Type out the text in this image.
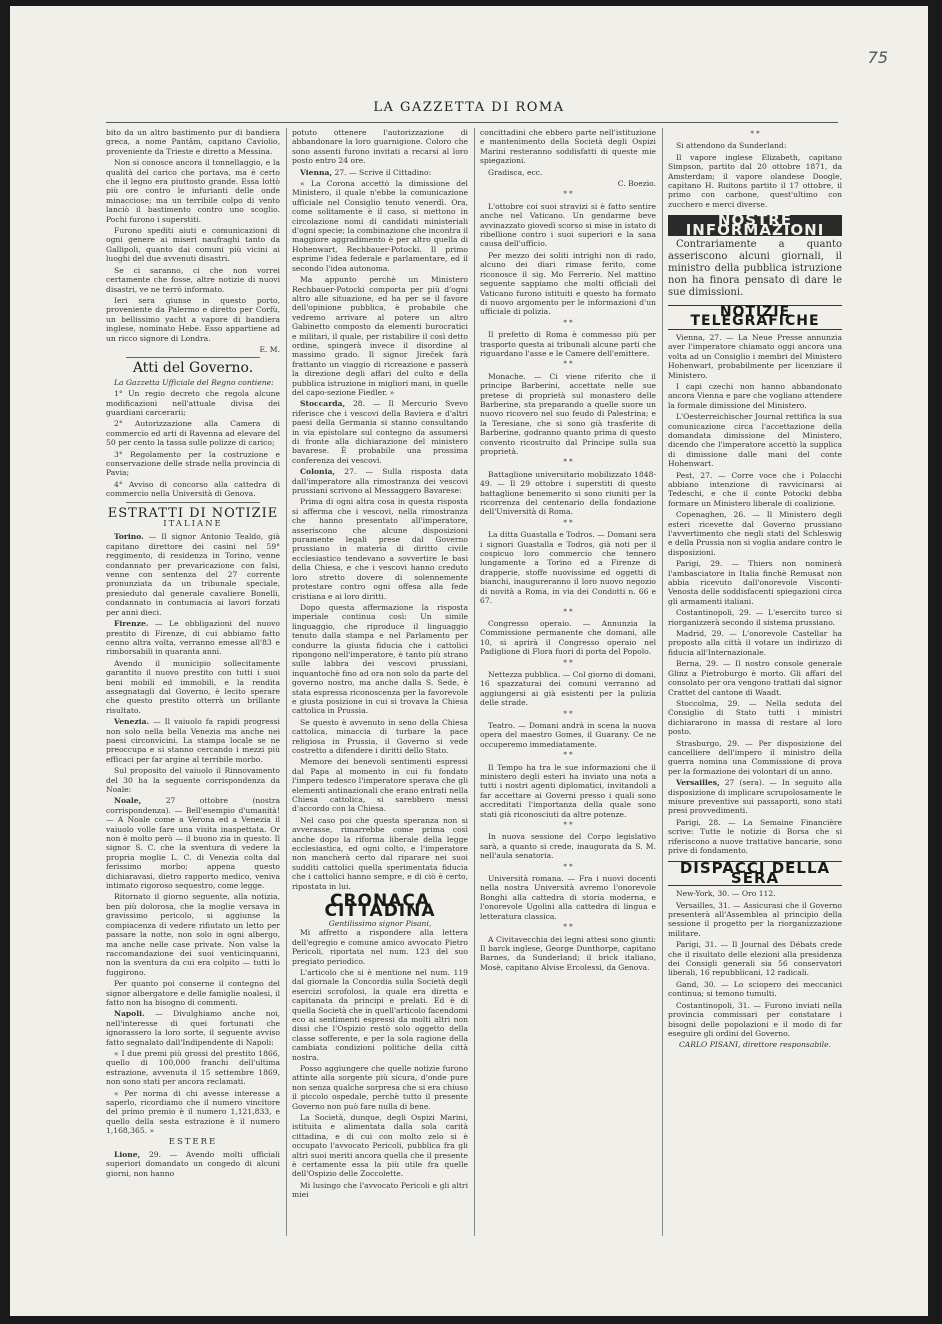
75
LA GAZZETTA DI ROMA

bito da un altro bastimento pur di bandiera greca, a nome Pantâm, capitano Caviolio, proveniente da Trieste e diretto a Messina.

Non si conosce ancora il tonnellaggio, e la qualità del carico che portava, ma è certo che il legno era piuttosto grande. Essa lottò più ore contro le infurianti delle onde minacciose; ma un terribile colpo di vento lanciò il bastimento contro uno scoglio. Pochi furono i superstiti.

Furono spediti aiuti e comunicazioni di ogni genere ai miseri naufraghi tanto da Gallipoli, quanto dai comuni più vicini ai luoghi del due avvenuti disastri.

Se ci saranno, ci che non vorrei certamente che fosse, altre notizie di nuovi disastri, ve ne terrò informato.

Ieri sera giunse in questo porto, proveniente da Palermo e diretto per Corfù, un bellissimo yacht a vapore di bandiera inglese, nominato Hebe. Esso appartiene ad un ricco signore di Londra.

E. M.
Atti del Governo.

La Gazzetta Ufficiale del Regno contiene:

1° Un regio decreto che regola alcune modificazioni nell'attuale divisa dei guardiani carcerarii;

2° Autorizzazione alla Camera di commercio ed arti di Ravenna ad elevare del 50 per cento la tassa sulle polizze di carico;

3° Regolamento per la costruzione e conservazione delle strade nella provincia di Pavia;

4° Avviso di concorso alla cattedra di commercio nella Università di Genova.

ESTRATTI DI NOTIZIE
ITALIANE

Torino. — Il signor Antonio Tealdo, già capitano direttore dei casini nel 59° reggimento, di residenza in Torino, venne condannato per prevaricazione con falsi, venne con sentenza del 27 corrente pronunziata da un tribunale speciale, presieduto dal generale cavaliere Bonelli, condannato in contumacia ai lavori forzati per anni dieci.

Firenze. — Le obbligazioni del nuovo prestito di Firenze, di cui abbiamo fatto cenno altra volta, verranno emesse all'83 e rimborsabili in quaranta anni.

Avendo il municipio sollecitamente garantito il nuovo prestito con tutti i suoi beni mobili ed immobili, e la rendita assegnatagli dal Governo, è lecito sperare che questo prestito otterrà un brillante risultato.

Venezia. — Il vaiuolo fa rapidi progressi non solo nella bella Venezia ma anche nei paesi circonvicini. La stampa locale se ne preoccupa e si stanno cercando i mezzi più efficaci per far argine al terribile morbo.

Sul proposito del vaiuolo il Rinnovamento del 30 ha la seguente corrispondenza da Noale:

Noale,	27 ottobre (nostra corrispondenza). — Bell'esempio d'umanità! — A Noale come a Verona ed a Venezia il vaiuolo volle fare una visita inaspettata. Or non è molto però — il buono zia in questo. Il signor S. C. che la sventura di vedere la propria moglie L. C. di Venezia colta dal ferissimo morbo; appena questo dichiaravasi, dietro rapporto medico, veniva intimato rigoroso sequestro, come legge.

Ritornato il giorno seguente, alla notizia, ben più dolorosa, che la moglie versava in gravissimo pericolo, si aggiunse la compiacenza di vedere rifiutato un letto per passare la notte, non solo in ogni albergo, ma anche nelle case private. Non valse la raccomandazione dei suoi venticinquanni, non la sventura da cui era colpito — tutti lo fuggirono.

Per quanto poi conserne il contegno del signor albergatore e delle famiglie noalesi, il fatto non ha bisogno di commenti.

Napoli. — Divulghiamo anche noi, nell'interesse di quei fortunati che ignorassero la loro sorte, il seguente avviso fatto segnalato dall'Indipendente di Napoli:

« I due premi più grossi del prestito 1866, quello di 100,000 franchi dell'ultima estrazione, avvenuta il 15 settembre 1869, non sono stati per ancora reclamati.

« Per norma di chi avesse interesse a saperlo, ricordiamo che il numero vincitore del primo premio è il numero 1,121,833, e quello della sesta estrazione è il numero 1,168,365. »

ESTERE

Lione, 29. — Avendo molti ufficiali superiori domandato un congedo di alcuni giorni, non hanno

potuto ottenere l'autorizzazione di abbandonare la loro guarnigione. Coloro che sono assenti furono invitati a recarsi al loro posto entro 24 ore.

Vienna, 27. — Scrive il Cittadino:

« La Corona accettò la dimissione del Ministero, il quale n'ebbe la comunicazione ufficiale nel Consiglio tenuto venerdì. Ora, come solitamente è il caso, si mettono in circolazione nomi di candidati ministeriali d'ogni specie; la combinazione che incontra il maggiore aggradimento è per altro quella di Hohenwart, Rechbauer-Potocki. Il primo esprime l'idea federale e parlamentare, ed il secondo l'idea autonoma.

Ma appunto perchè un Ministero Rechbauer-Potocki comporta per più d'ogni altro alle situazione, ed ha per se il favore dell'opinione pubblica, è probabile che vedremo arrivare al potere un altro Gabinetto composto da elementi burocratici e militari, il quale, per ristabilire il così detto ordine, spingerà invece il disordine al massimo grado. Il signor Jireček farà frattanto un viaggio di ricreazione e passerà la direzione degli affari del culto e della pubblica istruzione in migliori mani, in quelle del capo-sezione Fiedler. »

Stoccarda, 28. — Il Mercurio Svevo riferisce che i vescovi della Baviera e d'altri paesi della Germania si stanno consultando in via epistolare sul contegno da assumersi di fronte alla dichiarazione del ministero bavarese. È probabile una prossima conferenza dei vescovi.

Colonia, 27. — Sulla risposta data dall'imperatore alla rimostranza dei vescovi prussiani scrivono al Messaggero Bavarese:

Prima di ogni altra cosa in questa risposta si afferma che i vescovi, nella rimostranza che hanno presentato all'imperatore, asseriscono che alcune disposizioni puramente legali prese dal Governo prussiano in materia di diritto civile ecclesiastico tendevano a sovvertire le basi della Chiesa, e che i vescovi hanno creduto loro stretto dovere di solennemente protestare contro ogni offesa alla fede cristiana e ai loro diritti.

Dopo questa affermazione la risposta imperiale continua così: Un simile linguaggio, che riproduce il linguaggio tenuto dalla stampa e nel Parlamento per condurre la giusta fiducia che i cattolici ripongono nell'imperatore, è tanto più strano sulle labbra dei vescovi prussiani, inquantochè fino ad ora non solo da parte del governo nostro, ma anche dalla S. Sede, è stata espressa riconoscenza per la favorevole e giusta posizione in cui si trovava la Chiesa cattolica in Prussia.

Se questo è avvenuto in seno della Chiesa cattolica, minaccia di turbare la pace religiosa in Prussia, il Governo si vede costretto a difendere i diritti dello Stato.

Memore dei benevoli sentimenti espressi dal Papa al momento in cui fu fondato l'impero tedesco l'imperatore sperava che gli elementi antinazionali che erano entrati nella Chiesa cattolica, si sarebbero messi d'accordo con la Chiesa.

Nel caso poi che questa speranza non si avverasse, rimarrebbe come prima così anche dopo la riforma liberale della legge ecclesiastica, ed ogni colto, e l'imperatore non mancherà certo dal riparare nei suoi sudditi cattolici quella sperimentata fiducia che i cattolici hanno sempre, e di ciò è certo, ripostata in lui.

CRONACA CITTADINA
Gentilissimo signor Pisani,

Mi affretto a rispondere alla lettera dell'egregio e comune amico avvocato Pietro Pericoli, riportata nel num. 123 del suo pregiato periodico.

L'articolo che si è mentione nel num. 119 dal giornale la Concordia sulla Società degli esercizi scrofolosi, la quale era diretta e capitanata da principi e prelati. Ed è di quella Società che in quell'articolo facendomi eco ai sentimenti espressi da molti altri non dissi che l'Ospizio restò solo oggetto della classe sofferente, e per la sola ragione della cambiata condizioni politiche della città nostra.

Posso aggiungere che quelle notizie furono attinte alla sorgente più sicura, d'onde pure non senza qualche sorpresa che si era chiuso il piccolo ospedale, perchè tutto il presente Governo non può fare nulla di bene.

La Società, dunque, degli Ospizi Marini, istituita e alimentata dalla sola carità cittadina, e di cui con molto zelo si è occupato l'avvocato Pericoli, pubblica fra gli altri suoi meriti ancora quella che il presente è certamente essa la più utile fra quelle dell'Ospizio delle Zoccolette.

Mi lusingo che l'avvocato Pericoli e gli altri miei

concittadini che ebbero parte nell'istituzione e mantenimento della Società degli Ospizi Marini resteranno soddisfatti di queste mie spiegazioni.

Gradisca, ecc.

C. Boezio.
* *

L'ottobre coi suoi stravizi si è fatto sentire anche nel Vaticano. Un gendarme beve avvinazzato giovedì scorso si mise in istato di ribellione contro i suoi superiori e la sana causa dell'ufficio.

Per mezzo dei soliti intrighi non di rado, alcuno dei diari rimase ferito, come riconosce il sig. Mo Ferrerio. Nel mattino seguente sappiamo che molti officiali del Vaticano furono istituiti e questo ha formato di nuovo argomento per le informazioni d'un ufficiale di polizia.

* *

Il prefetto di Roma è commesso più per trasporto questa ai tribunali alcune parti che riguardano l'asse e le Camere dell'emittere.

* *

Monache. — Ci viene riferito che il principe Barberini, accettate nelle sue pretese di proprietà sul monastero delle Barberine, sta preparando a quelle suore un nuovo ricovero nel suo feudo di Palestrina; e la Teresiane, che si sono già trasferite di Barberine, godranno quanto prima di questo convento ricostruito dal Principe sulla sua proprietà.

* *

Battaglione universitario mobilizzato 1848-49. — Il 29 ottobre i superstiti di questo battaglione benemerito si sono riuniti per la ricorrenza del centenario della fondazione dell'Università di Roma.

* *

La ditta Guastalla e Todros. — Domani sera i signori Guastalla e Todros, già noti per il cospicuo loro commercio che tennero lungamente a Torino ed a Firenze di drapperie, stoffe nuovissime ed oggetti di bianchi, inaugureranno il loro nuovo negozio di novità a Roma, in via dei Condotti n. 66 e 67.

* *

Congresso operaio. — Annunzia la Commissione permanente che domani, alle 10, si aprirà il Congresso operaio nel Padiglione di Flora fuori di porta del Popolo.

* *

Nettezza pubblica. — Col giorno di domani, 16 spazzaturai dei comuni verranno ad aggiungersi ai già esistenti per la pulizia delle strade.

* *

Teatro. — Domani andrà in scena la nuova opera del maestro Gomes, il Guarany. Ce ne occuperemo immediatamente.

* *

Il Tempo ha tra le sue informazioni che il ministero degli esteri ha inviato una nota a tutti i nostri agenti diplomatici, invitandoli a far accettare ai Governi presso i quali sono accreditati l'importanza della quale sono stati già riconosciuti da altre potenze.

* *

In nuova sessione del Corpo legislativo sarà, a quanto si crede, inaugurata da S. M. nell'aula senatoria.

* *

Università romana. — Fra i nuovi docenti nella nostra Università avremo l'onorevole Bonghi alla cattedra di storia moderna, e l'onorevole Ugolini alla cattedra di lingua e letteratura classica.

* *

A Civitavecchia dei legni attesi sono giunti: Il barck inglese, George Dunthorpe, capitano Barnes, da Sunderland; il brick italiano, Mosè, capitano Alvise Ercolessi, da Genova.

* *

Si attendono da Sunderland:

Il vapore inglese Elizabeth, capitano Simpson, partito dal 20 ottobre 1871, da Amsterdam; il vapore olandese Doogle, capitano H. Ruitons partito il 17 ottobre, il primo con carbone, quest'ultimo con zucchero e merci diverse.

NOSTRE INFORMAZIONI

Contrariamente a quanto asseriscono alcuni giornali, il ministro della pubblica istruzione non ha finora pensato di dare le sue dimissioni.

NOTIZIE TELEGRAFICHE

Vienna, 27. — La Neue Presse annunzia aver l'imperatore chiamato oggi ancora una volta ad un Consiglio i membri del Ministero Hohenwart, probabilmente per licenziare il Ministero.

I capi czechi non hanno abbandonato ancora Vienna e pare che vogliano attendere la formale dimissione del Ministero.

L'Oesterreichischer Journal rettifica la sua comunicazione circa l'accettazione della domandata dimissione del Ministero, dicendo che l'imperatore accettò la supplica di dimissione dalle mani del conte Hohenwart.

Pest, 27. — Corre voce che i Polacchi abbiano intenzione di ravvicinarsi ai Tedeschi, e che il conte Potocki debba formare un Ministero liberale di coalizione.

Copenaghen, 26. — Il Ministero degli esteri ricevette dal Governo prussiano l'avvertimento che negli stati del Schleswig e della Prussia non si voglia andare contro le disposizioni.

Parigi, 29. — Thiers non nominerà l'ambasciatore in Italia finchè Remusat non abbia ricevuto dall'onorevole Visconti-Venosta delle soddisfacenti spiegazioni circa gli armamenti italiani.

Costantinopoli, 29. — L'esercito turco si riorganizzerà secondo il sistema prussiano.

Madrid, 29. — L'onorevole Castellar ha proposto alla città il votare un indirizzo di fiducia all'Internazionale.

Berna, 29. — Il nostro console generale Glinz a Pietroburgo è morto. Gli affari del consolato per ora vengono trattati dal signor Crattet del cantone di Waadt.

Stoccolma, 29. — Nella seduta del Consiglio di Stato tutti i ministri dichiararono in massa di restare al loro posto.

Strasburgo, 29. — Per disposizione del cancelliere dell'impero il ministro della guerra nomina una Commissione di prova per la formazione dei volontari di un anno.

Versailles, 27 (sera). — In seguito alla disposizione di implicare scrupolosamente le misure preventive sui passaporti, sono stati presi provvedimenti.

Parigi, 28. — La Semaine Financière scrive: Tutte le notizie di Borsa che si riferiscono a nuove trattative bancarie, sono prive di fondamento.

DISPACCI DELLA SERA

New-York, 30. — Oro 112.

Versailles, 31. — Assicurasi che il Governo presenterà all'Assemblea al principio della sessione il progetto per la riorganizzazione militare.

Parigi, 31. — Il Journal des Débats crede che il risultato delle elezioni alla presidenza dei Consigli generali sia 56 conservatori liberali, 16 repubblicani, 12 radicali.

Gand, 30. — Lo sciopero dei meccanici continua; si temono tumulti.

Costantinopoli, 31. — Furono inviati nella provincia commissari per constatare i bisogni delle popolazioni e il modo di far eseguire gli ordini del Governo.

CARLO PISANI, direttore responsabile.
